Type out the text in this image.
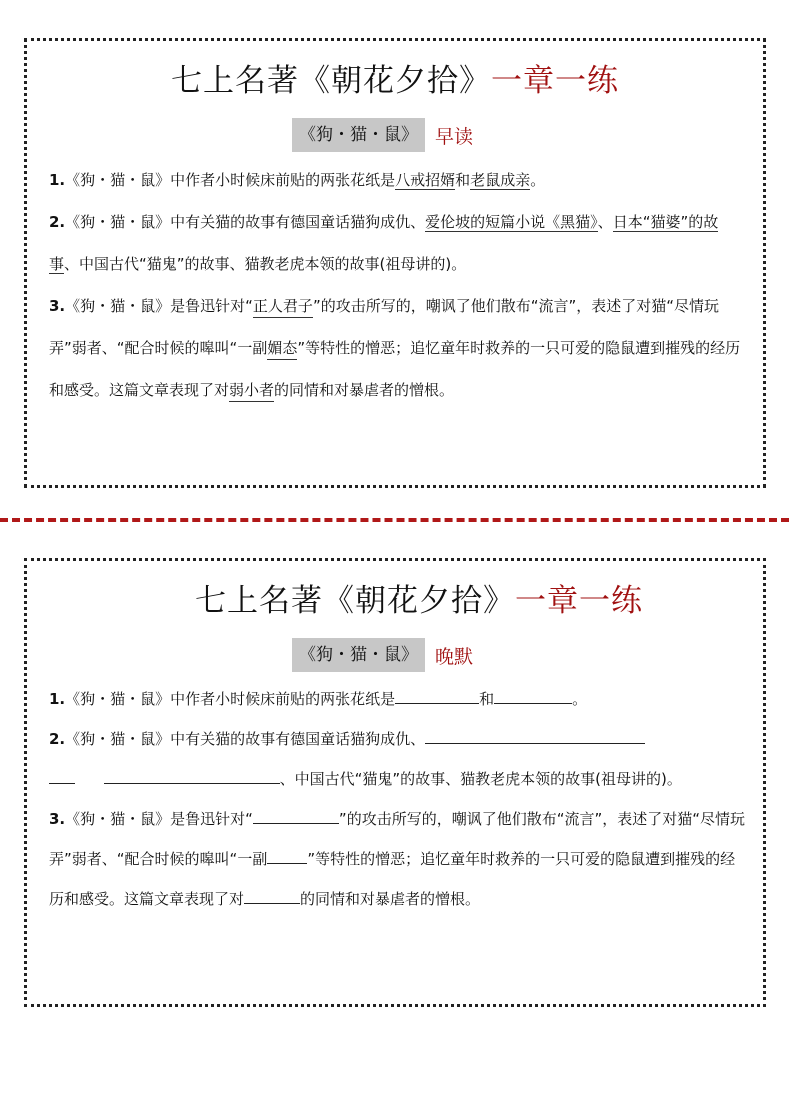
七上名著《朝花夕拾》一章一练
《狗・猫・鼠》 早读
1.《狗・猫・鼠》中作者小时候床前贴的两张花纸是八戒招婿和老鼠成亲。
2.《狗・猫・鼠》中有关猫的故事有德国童话猫狗成仇、爱伦坡的短篇小说《黑猫》、日本“猫婆”的故事、中国古代“猫鬼”的故事、猫教老虎本领的故事(祖母讲的)。
3.《狗・猫・鼠》是鲁迅针对“正人君子”的攻击所写的，嘲讽了他们散布“流言”，表述了对猫“尽情玩弄”弱者、“配合时候的嗥叫“一副媚态”等特性的憎恶；追忆童年时救养的一只可爱的隐鼠遭到摧残的经历和感受。这篇文章表现了对弱小者的同情和对暴虐者的憎根。
七上名著《朝花夕拾》一章一练
《狗・猫・鼠》 晚默
1.《狗・猫・鼠》中作者小时候床前贴的两张花纸是	和	。
2.《狗・猫・鼠》中有关猫的故事有德国童话猫狗成仇、
、中国古代“猫鬼”的故事、猫教老虎本领的故事(祖母讲的)。
3.《狗・猫・鼠》是鲁迅针对“	”的攻击所写的，嘲讽了他们散布“流言”，表述了对猫“尽情玩弄”弱者、“配合时候的嗥叫“一副	”等特性的憎恶；追忆童年时救养的一只可爱的隐鼠遭到摧残的经历和感受。这篇文章表现了对	的同情和对暴虐者的憎根。
